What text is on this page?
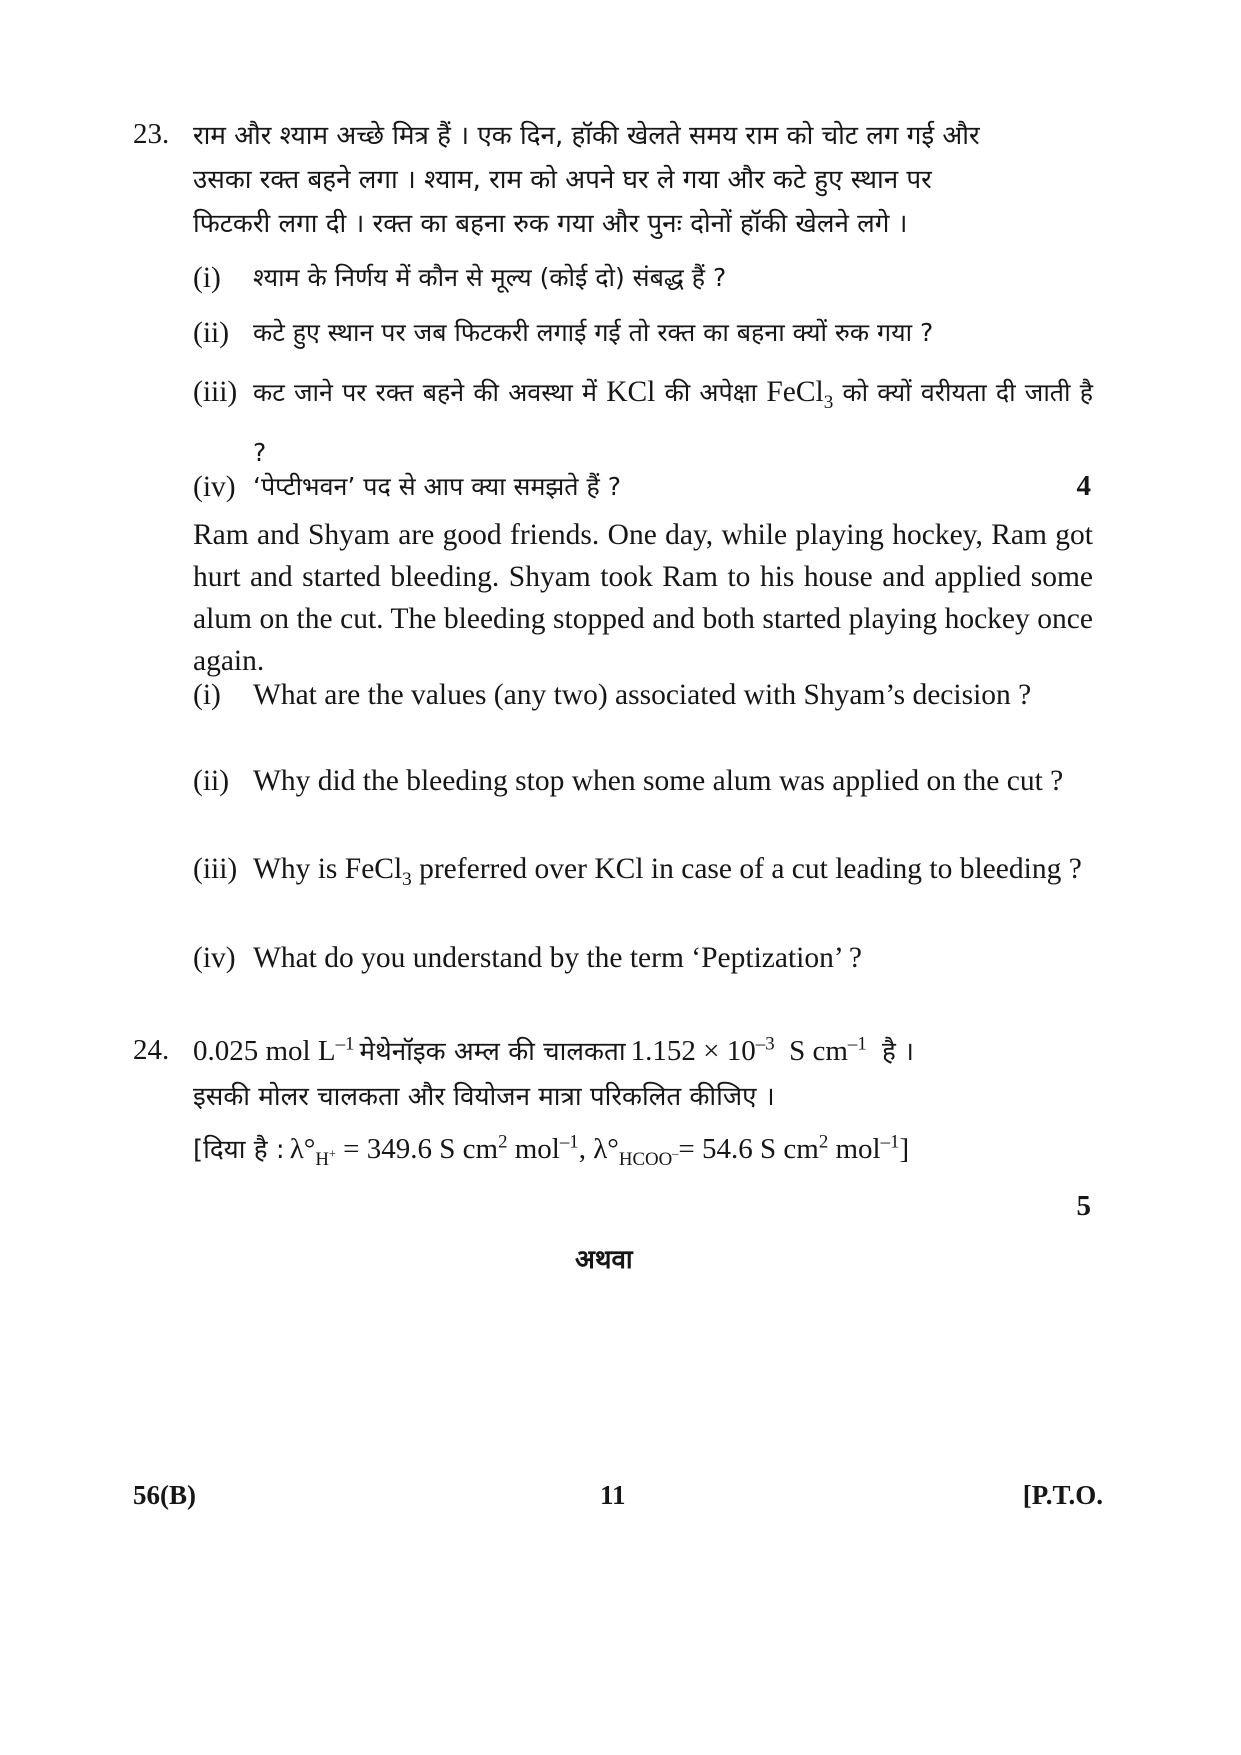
23. राम और श्याम अच्छे मित्र हैं । एक दिन, हॉकी खेलते समय राम को चोट लग गई और
उसका रक्त बहने लगा । श्याम, राम को अपने घर ले गया और कटे हुए स्थान पर
फिटकरी लगा दी । रक्त का बहना रुक गया और पुनः दोनों हॉकी खेलने लगे ।
(i)	श्याम के निर्णय में कौन से मूल्य (कोई दो) संबद्ध हैं ?
(ii) कटे हुए स्थान पर जब फिटकरी लगाई गई तो रक्त का बहना क्यों रुक गया ?
(iii) कट जाने पर रक्त बहने की अवस्था में KCl की अपेक्षा FeCl$_3$ को क्यों वरीयता दी जाती है ?
(iv) ‘पेप्टीभवन’ पद से आप क्या समझते हैं ?	4
Ram and Shyam are good friends. One day, while playing hockey, Ram got hurt and started bleeding. Shyam took Ram to his house and applied some alum on the cut. The bleeding stopped and both started playing hockey once again.
(i)	What are the values (any two) associated with Shyam’s decision ?
(ii) Why did the bleeding stop when some alum was applied on the cut ?
(iii) Why is FeCl$_3$ preferred over KCl in case of a cut leading to bleeding ?
(iv) What do you understand by the term ‘Peptization’ ?
24. 0.025 mol $L^{-1}$ मेथेनॉइक अम्ल की चालकता $1.152 \times 10^{-3}$ S $cm^{-1}$ है ।
इसकी मोलर चालकता और वियोजन मात्रा परिकलित कीजिए ।
[दिया है : $\lambda^\circ_{H^+} = 349.6$ S $cm^2$ mol$^{-1}$, $\lambda^\circ_{HCOO^-}= 54.6$ S $cm^2$ mol$^{-1}$]
5
अथवा
56(B)	11	[P.T.O.
